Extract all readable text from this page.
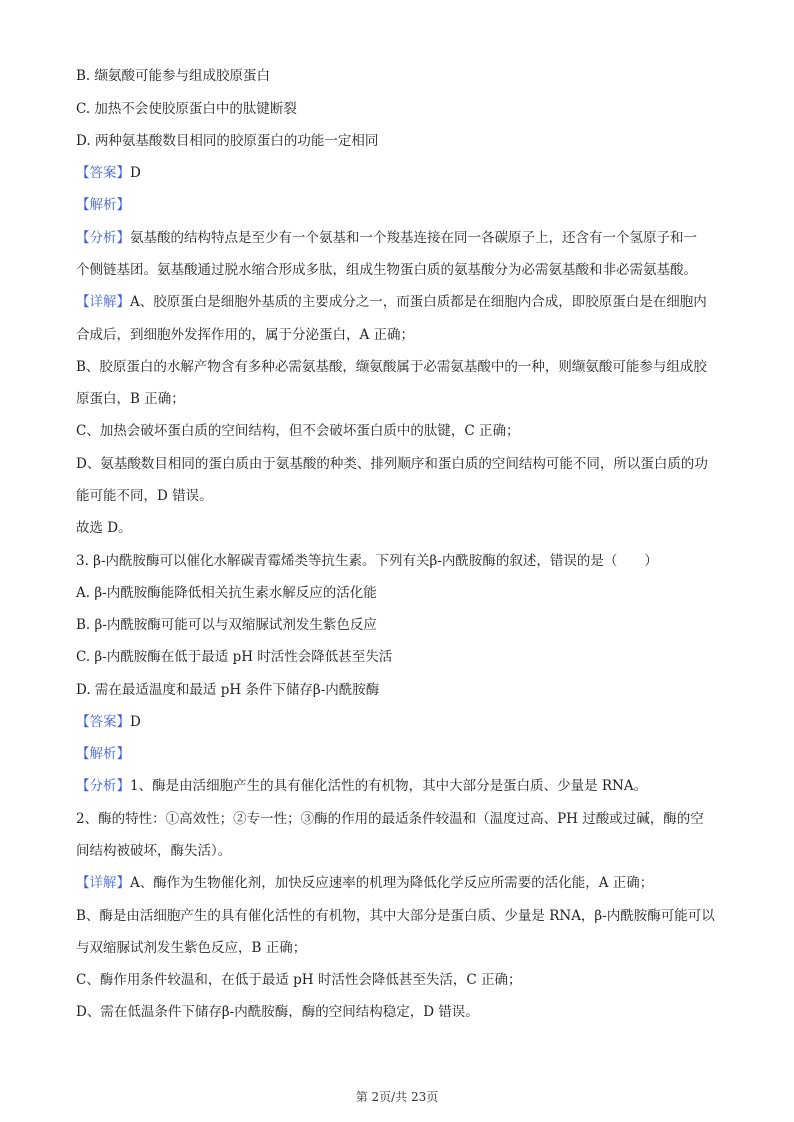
B. 缬氨酸可能参与组成胶原蛋白
C. 加热不会使胶原蛋白中的肽键断裂
D. 两种氨基酸数目相同的胶原蛋白的功能一定相同
【答案】D
【解析】
【分析】氨基酸的结构特点是至少有一个氨基和一个羧基连接在同一各碳原子上，还含有一个氢原子和一
个侧链基团。氨基酸通过脱水缩合形成多肽，组成生物蛋白质的氨基酸分为必需氨基酸和非必需氨基酸。
【详解】A、胶原蛋白是细胞外基质的主要成分之一，而蛋白质都是在细胞内合成，即胶原蛋白是在细胞内
合成后，到细胞外发挥作用的，属于分泌蛋白，A 正确；
B、胶原蛋白的水解产物含有多种必需氨基酸，缬氨酸属于必需氨基酸中的一种，则缬氨酸可能参与组成胶
原蛋白，B 正确；
C、加热会破坏蛋白质的空间结构，但不会破坏蛋白质中的肽键，C 正确；
D、氨基酸数目相同的蛋白质由于氨基酸的种类、排列顺序和蛋白质的空间结构可能不同，所以蛋白质的功
能可能不同，D 错误。
故选 D。
3. β-内酰胺酶可以催化水解碳青霉烯类等抗生素。下列有关β-内酰胺酶的叙述，错误的是（　　）
A. β-内酰胺酶能降低相关抗生素水解反应的活化能
B. β-内酰胺酶可能可以与双缩脲试剂发生紫色反应
C. β-内酰胺酶在低于最适 pH 时活性会降低甚至失活
D. 需在最适温度和最适 pH 条件下储存β-内酰胺酶
【答案】D
【解析】
【分析】1、酶是由活细胞产生的具有催化活性的有机物，其中大部分是蛋白质、少量是 RNA。
2、酶的特性：①高效性；②专一性；③酶的作用的最适条件较温和（温度过高、PH 过酸或过碱，酶的空
间结构被破坏，酶失活）。
【详解】A、酶作为生物催化剂，加快反应速率的机理为降低化学反应所需要的活化能，A 正确；
B、酶是由活细胞产生的具有催化活性的有机物，其中大部分是蛋白质、少量是 RNA，β-内酰胺酶可能可以
与双缩脲试剂发生紫色反应，B 正确；
C、酶作用条件较温和，在低于最适 pH 时活性会降低甚至失活，C 正确；
D、需在低温条件下储存β-内酰胺酶，酶的空间结构稳定，D 错误。
第 2页/共 23页
